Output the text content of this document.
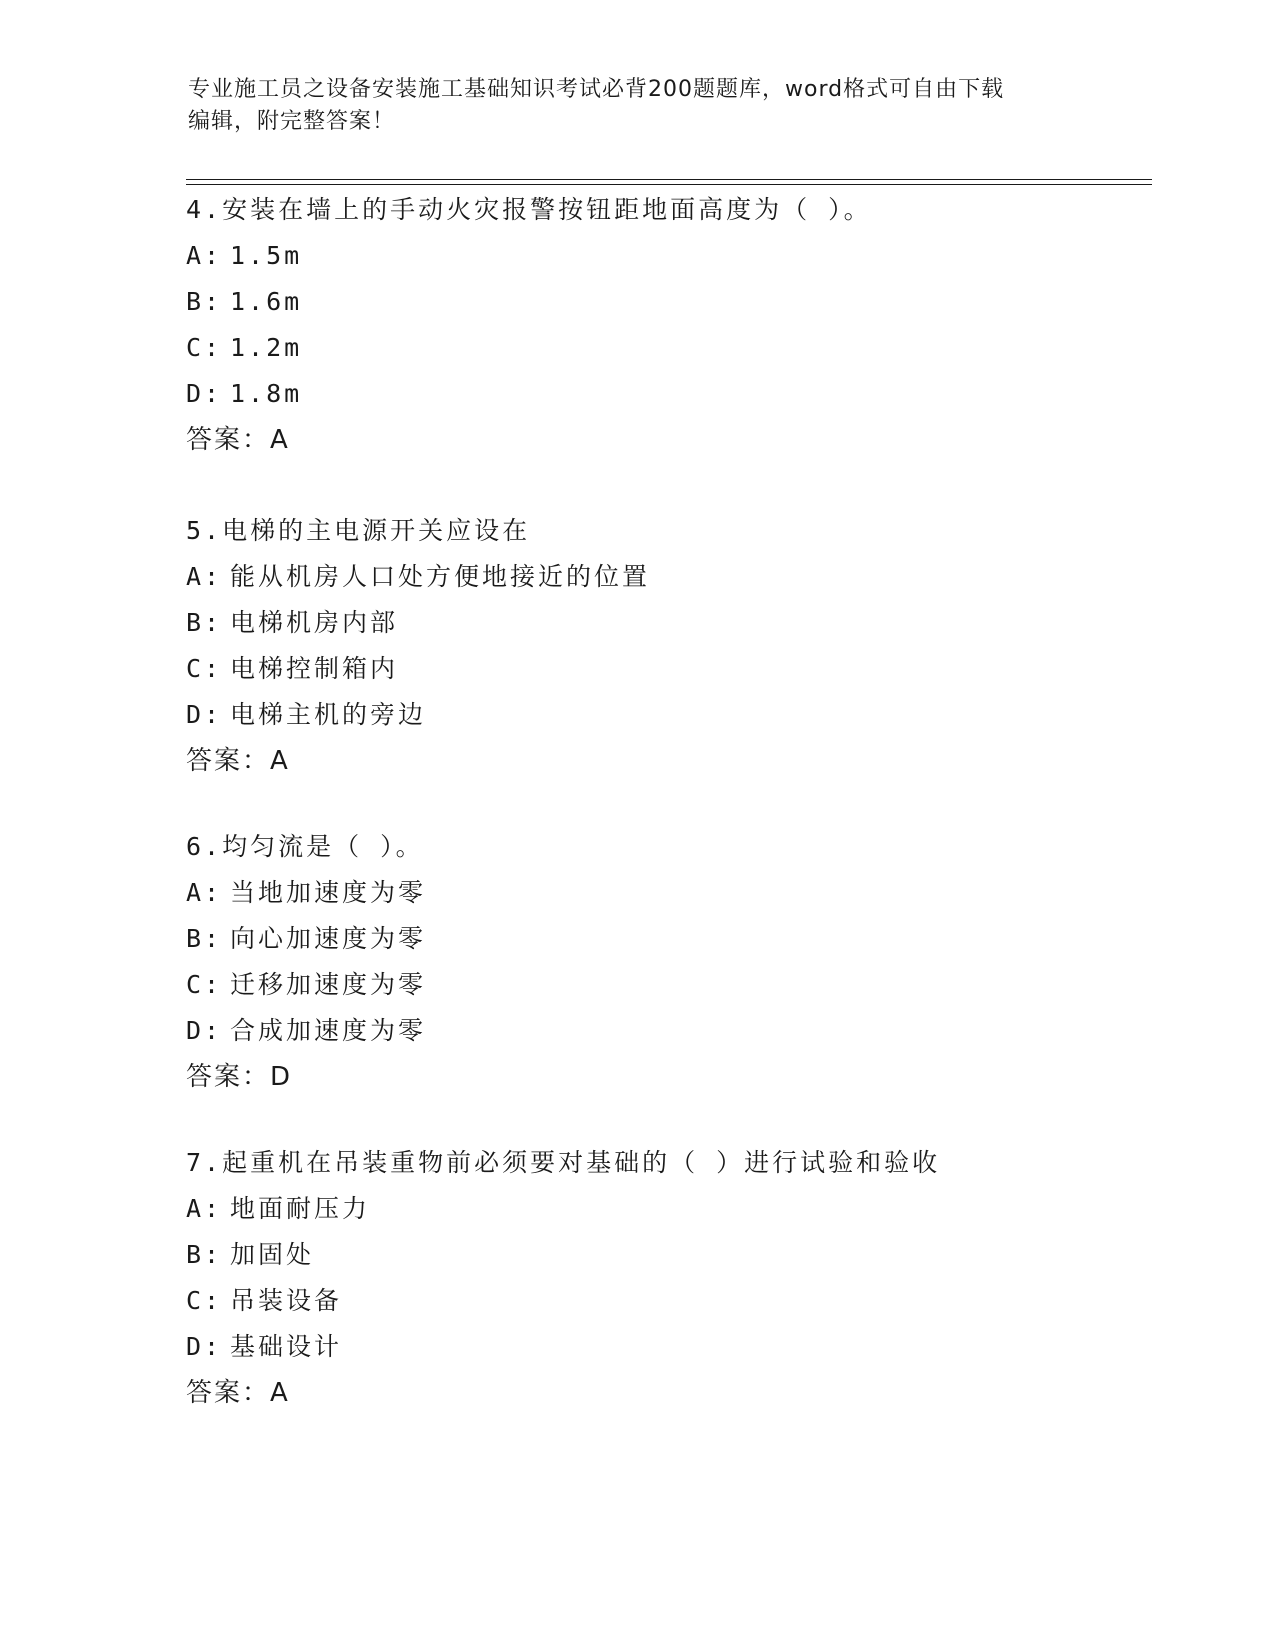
专业施工员之设备安装施工基础知识考试必背200题题库，word格式可自由下载
编辑，附完整答案！
4.安装在墙上的手动火灾报警按钮距地面高度为（ ）。
A: 1.5m
B: 1.6m
C: 1.2m
D: 1.8m
答案：A
5.电梯的主电源开关应设在
A: 能从机房人口处方便地接近的位置
B: 电梯机房内部
C: 电梯控制箱内
D: 电梯主机的旁边
答案：A
6.均匀流是（ ）。
A: 当地加速度为零
B: 向心加速度为零
C: 迁移加速度为零
D: 合成加速度为零
答案：D
7.起重机在吊装重物前必须要对基础的（ ）进行试验和验收
A: 地面耐压力
B: 加固处
C: 吊装设备
D: 基础设计
答案：A
